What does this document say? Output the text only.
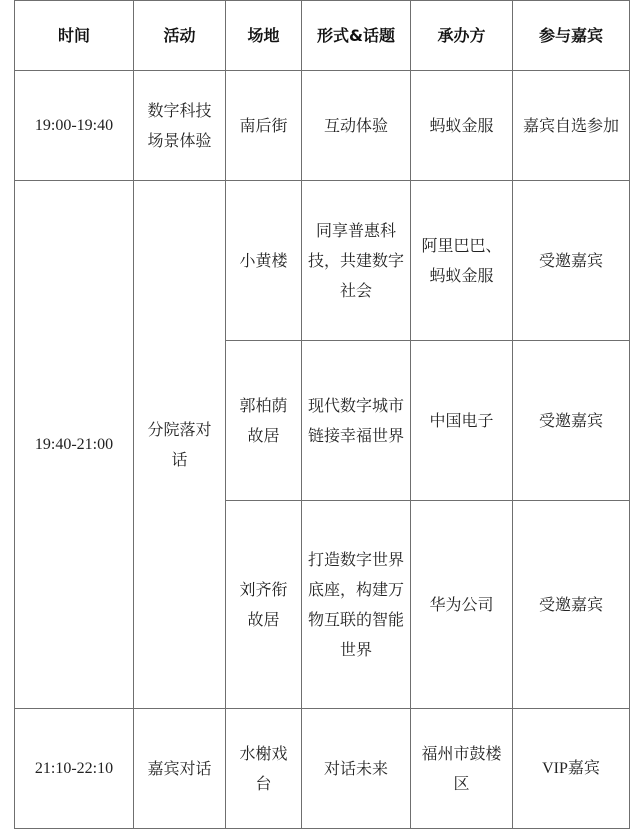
时间	活动	场地	形式&话题	承办方	参与嘉宾
19:00-19:40	数字科技场景体验	南后街	互动体验	蚂蚁金服	嘉宾自选参加
19:40-21:00	分院落对话	小黄楼	同享普惠科技，共建数字社会	阿里巴巴、蚂蚁金服	受邀嘉宾
		郭柏荫故居	现代数字城市 链接幸福世界	中国电子	受邀嘉宾
		刘齐衔故居	打造数字世界底座，构建万物互联的智能世界	华为公司	受邀嘉宾
21:10-22:10	嘉宾对话	水榭戏台	对话未来	福州市鼓楼区	VIP嘉宾
